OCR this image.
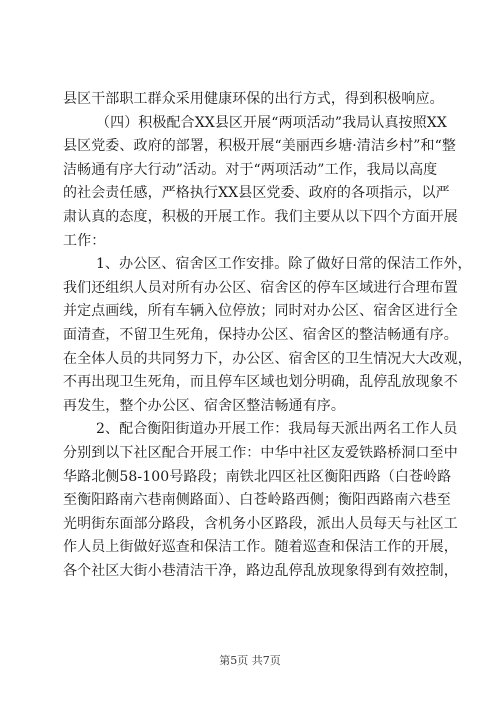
县区干部职工群众采用健康环保的出行方式，得到积极响应。
（四）积极配合XX县区开展“两项活动”我局认真按照XX
县区党委、政府的部署，积极开展“美丽西乡塘·清洁乡村”和“整
洁畅通有序大行动”活动。对于“两项活动”工作，我局以高度
的社会责任感，严格执行XX县区党委、政府的各项指示，以严
肃认真的态度，积极的开展工作。我们主要从以下四个方面开展
工作：
1、办公区、宿舍区工作安排。除了做好日常的保洁工作外，
我们还组织人员对所有办公区、宿舍区的停车区域进行合理布置
并定点画线，所有车辆入位停放；同时对办公区、宿舍区进行全
面清查，不留卫生死角，保持办公区、宿舍区的整洁畅通有序。
在全体人员的共同努力下，办公区、宿舍区的卫生情况大大改观，
不再出现卫生死角，而且停车区域也划分明确，乱停乱放现象不
再发生，整个办公区、宿舍区整洁畅通有序。
2、配合衡阳街道办开展工作：我局每天派出两名工作人员
分别到以下社区配合开展工作：中华中社区友爱铁路桥洞口至中
华路北侧58-100号路段；南铁北四区社区衡阳西路（白苍岭路
至衡阳路南六巷南侧路面）、白苍岭路西侧；衡阳西路南六巷至
光明街东面部分路段，含机务小区路段，派出人员每天与社区工
作人员上街做好巡查和保洁工作。随着巡查和保洁工作的开展，
各个社区大街小巷清洁干净，路边乱停乱放现象得到有效控制，
第5页 共7页
